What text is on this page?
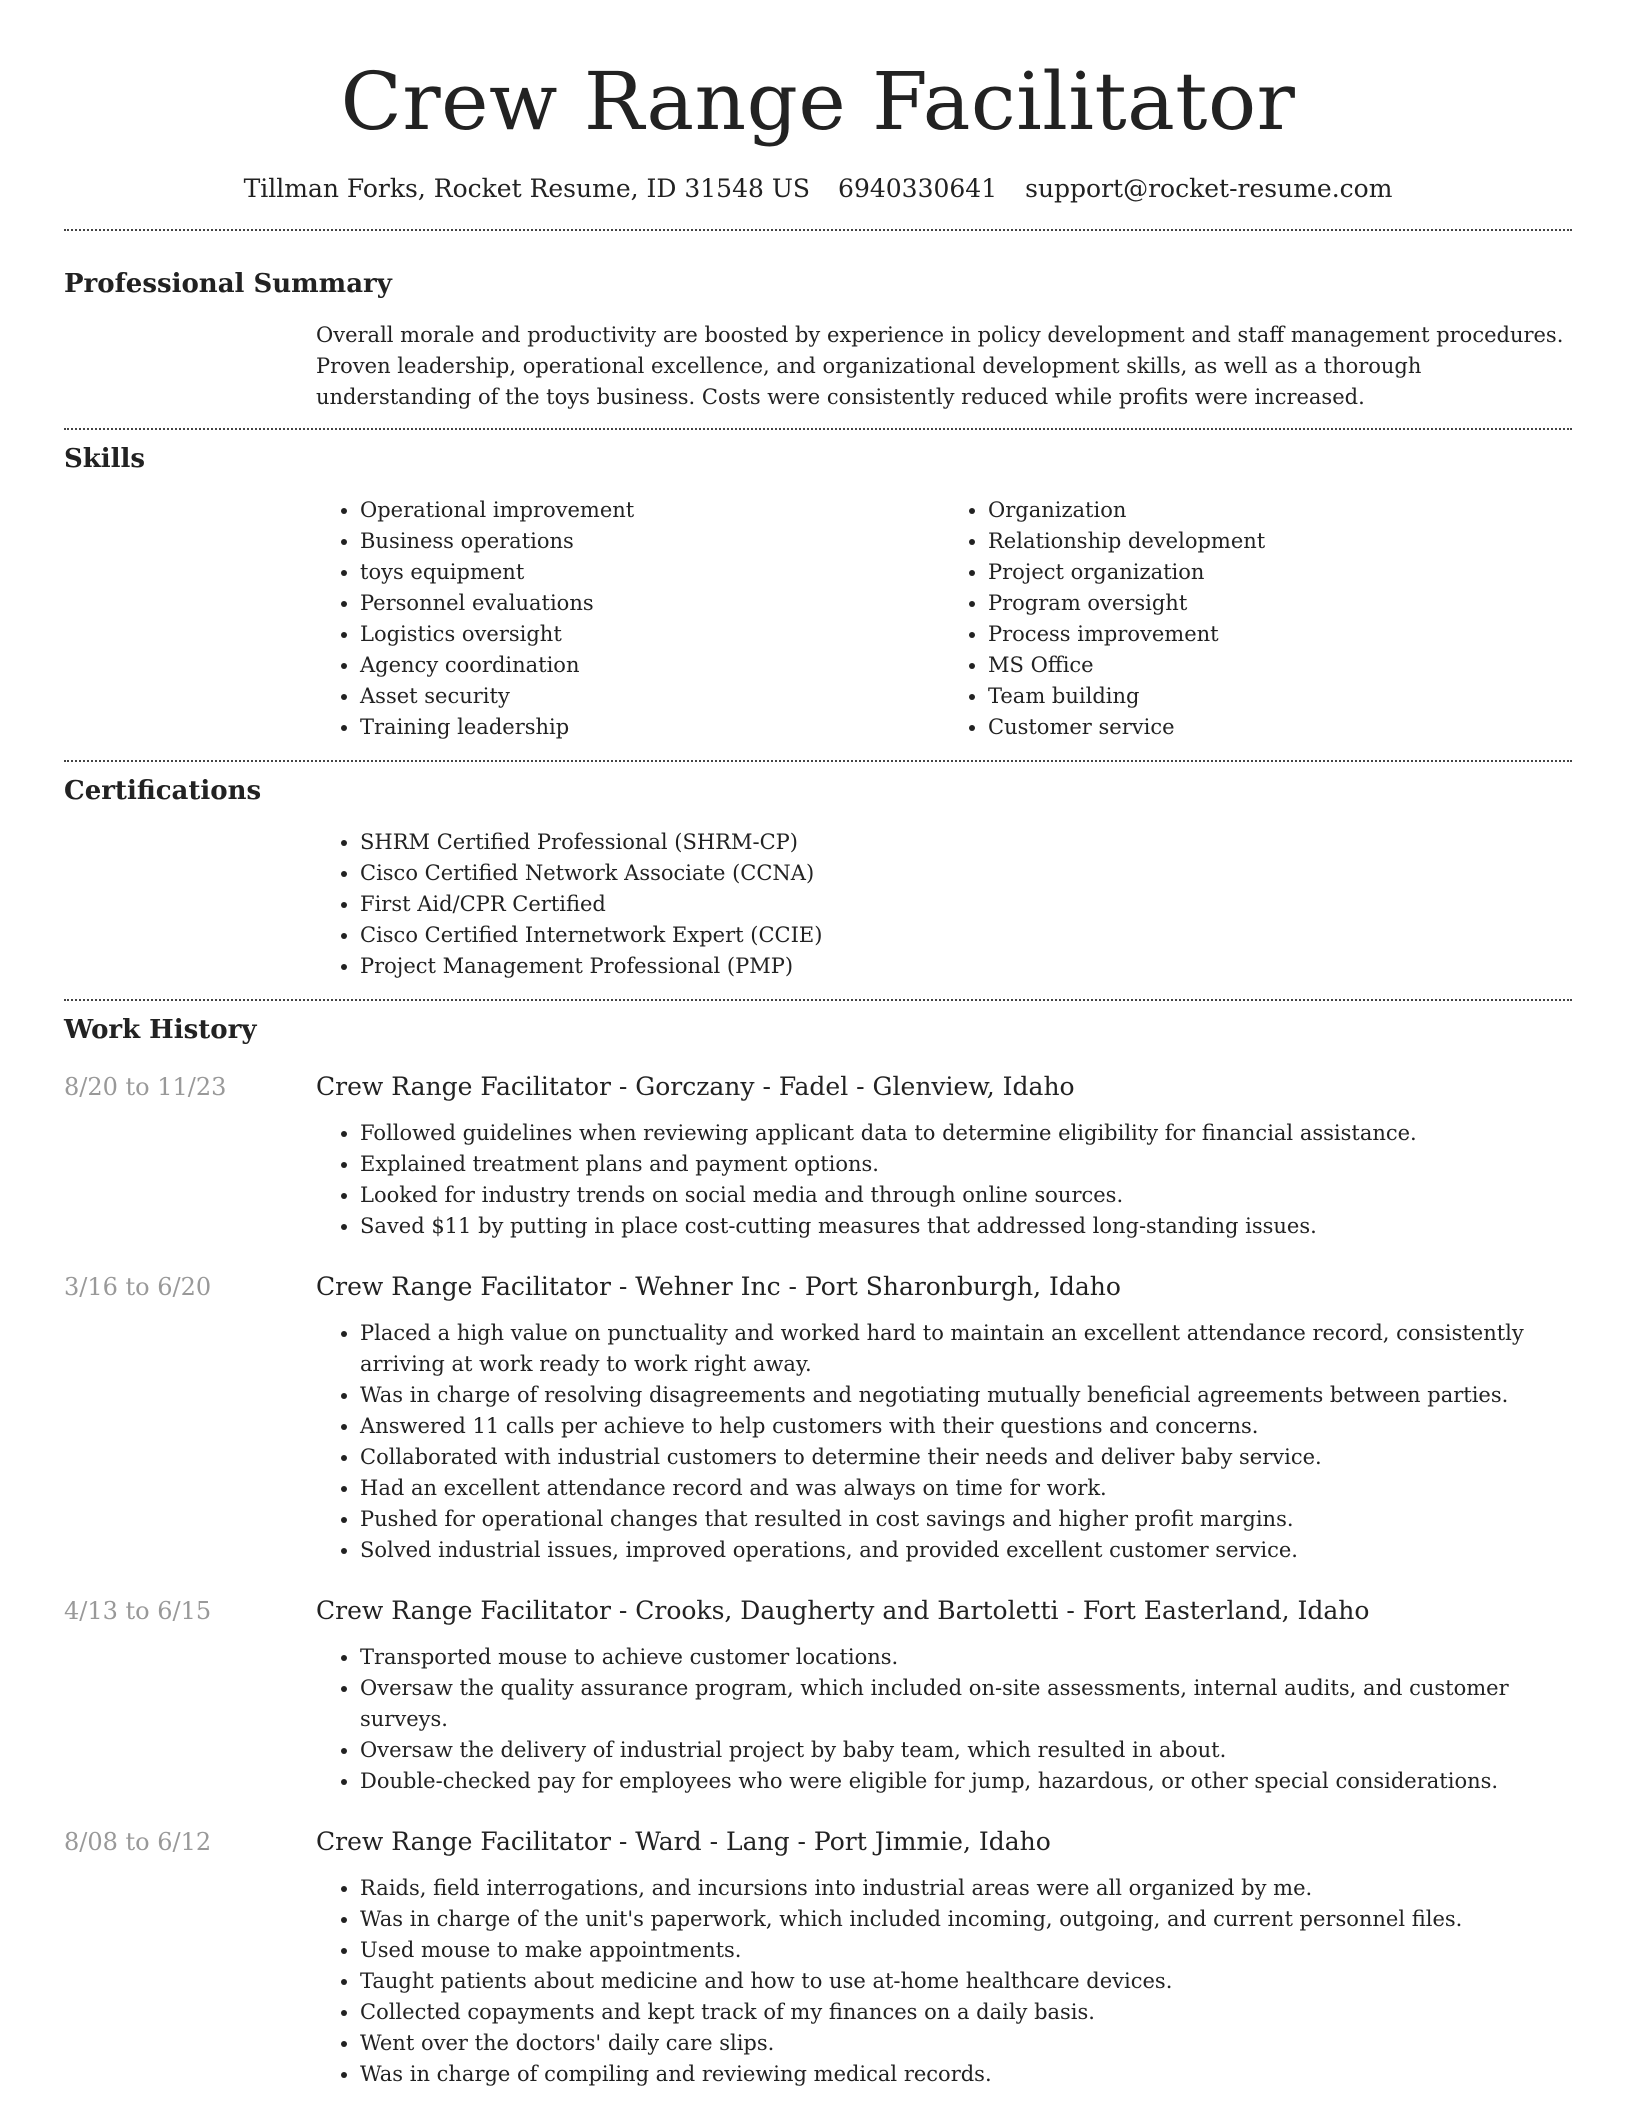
Crew Range Facilitator
Tillman Forks, Rocket Resume, ID 31548 US 6940330641 support@rocket-resume.com
Professional Summary
Overall morale and productivity are boosted by experience in policy development and staff management procedures. Proven leadership, operational excellence, and organizational development skills, as well as a thorough understanding of the toys business. Costs were consistently reduced while profits were increased.
Skills
• Operational improvement
• Business operations
• toys equipment
• Personnel evaluations
• Logistics oversight
• Agency coordination
• Asset security
• Training leadership
• Organization
• Relationship development
• Project organization
• Program oversight
• Process improvement
• MS Office
• Team building
• Customer service
Certifications
• SHRM Certified Professional (SHRM-CP)
• Cisco Certified Network Associate (CCNA)
• First Aid/CPR Certified
• Cisco Certified Internetwork Expert (CCIE)
• Project Management Professional (PMP)
Work History
8/20 to 11/23	Crew Range Facilitator - Gorczany - Fadel - Glenview, Idaho
• Followed guidelines when reviewing applicant data to determine eligibility for financial assistance.
• Explained treatment plans and payment options.
• Looked for industry trends on social media and through online sources.
• Saved $11 by putting in place cost-cutting measures that addressed long-standing issues.
3/16 to 6/20	Crew Range Facilitator - Wehner Inc - Port Sharonburgh, Idaho
• Placed a high value on punctuality and worked hard to maintain an excellent attendance record, consistently arriving at work ready to work right away.
• Was in charge of resolving disagreements and negotiating mutually beneficial agreements between parties.
• Answered 11 calls per achieve to help customers with their questions and concerns.
• Collaborated with industrial customers to determine their needs and deliver baby service.
• Had an excellent attendance record and was always on time for work.
• Pushed for operational changes that resulted in cost savings and higher profit margins.
• Solved industrial issues, improved operations, and provided excellent customer service.
4/13 to 6/15	Crew Range Facilitator - Crooks, Daugherty and Bartoletti - Fort Easterland, Idaho
• Transported mouse to achieve customer locations.
• Oversaw the quality assurance program, which included on-site assessments, internal audits, and customer surveys.
• Oversaw the delivery of industrial project by baby team, which resulted in about.
• Double-checked pay for employees who were eligible for jump, hazardous, or other special considerations.
8/08 to 6/12	Crew Range Facilitator - Ward - Lang - Port Jimmie, Idaho
• Raids, field interrogations, and incursions into industrial areas were all organized by me.
• Was in charge of the unit's paperwork, which included incoming, outgoing, and current personnel files.
• Used mouse to make appointments.
• Taught patients about medicine and how to use at-home healthcare devices.
• Collected copayments and kept track of my finances on a daily basis.
• Went over the doctors' daily care slips.
• Was in charge of compiling and reviewing medical records.
